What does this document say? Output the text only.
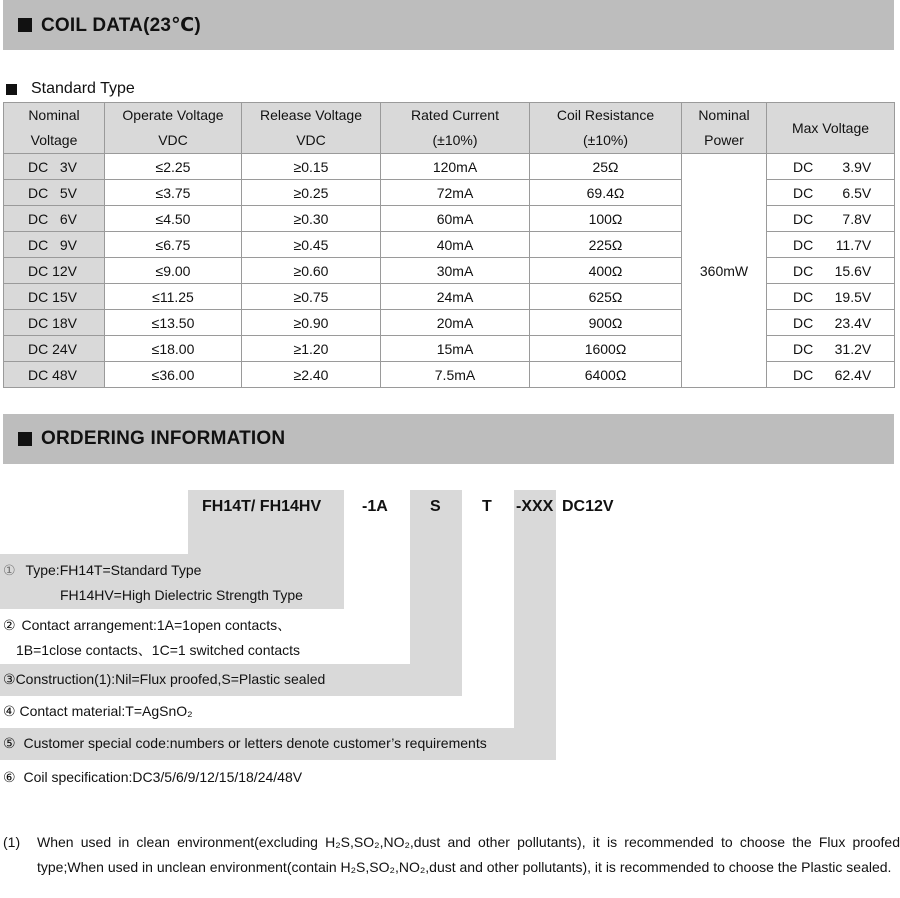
COIL DATA(23℃)
Standard Type
Nominal	Operate Voltage	Release Voltage	Rated Current	Coil Resistance	Nominal	Max Voltage
Voltage	VDC	VDC	(±10%)	(±10%)	Power	
DC   3V	≤2.25	≥0.15	120mA	25Ω	360mW	DC 3.9V
DC   5V	≤3.75	≥0.25	72mA	69.4Ω		DC 6.5V
DC   6V	≤4.50	≥0.30	60mA	100Ω		DC 7.8V
DC   9V	≤6.75	≥0.45	40mA	225Ω		DC 11.7V
DC 12V	≤9.00	≥0.60	30mA	400Ω		DC 15.6V
DC 15V	≤11.25	≥0.75	24mA	625Ω		DC 19.5V
DC 18V	≤13.50	≥0.90	20mA	900Ω		DC 23.4V
DC 24V	≤18.00	≥1.20	15mA	1600Ω		DC 31.2V
DC 48V	≤36.00	≥2.40	7.5mA	6400Ω		DC 62.4V
ORDERING INFORMATION
FH14T/ FH14HV	-1A	S	T -XXX DC12V
① Type:FH14T=Standard Type
FH14HV=High Dielectric Strength Type
② Contact arrangement:1A=1open contacts、
1B=1close contacts、1C=1 switched contacts
③Construction(1):Nil=Flux proofed,S=Plastic sealed
④ Contact material:T=AgSnO₂
⑤ Customer special code:numbers or letters denote customer’s requirements
⑥ Coil specification:DC3/5/6/9/12/15/18/24/48V
(1) When used in clean environment(excluding H₂S,SO₂,NO₂,dust and other pollutants), it is recommended to choose the Flux proofed type;When used in unclean environment(contain H₂S,SO₂,NO₂,dust and other pollutants), it is recommended to choose the Plastic sealed.
